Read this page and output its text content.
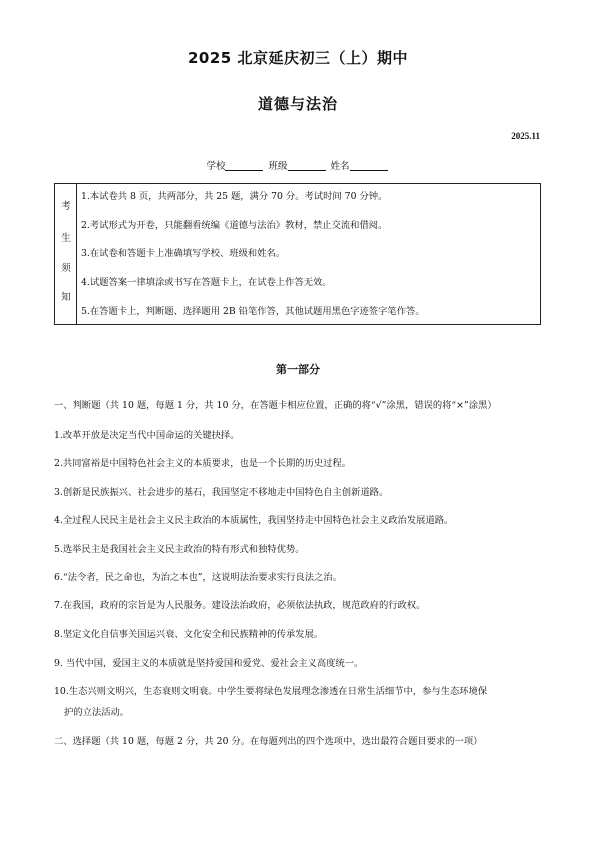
2025 北京延庆初三（上）期中
道德与法治
2025.11
学校	班级	姓名
考
生
须
知
1.本试卷共 8 页，共两部分，共 25 题，满分 70 分。考试时间 70 分钟。
2.考试形式为开卷，只能翻看统编《道德与法治》教材，禁止交流和借阅。
3.在试卷和答题卡上准确填写学校、班级和姓名。
4.试题答案一律填涂或书写在答题卡上，在试卷上作答无效。
5.在答题卡上，判断题、选择题用 2B 铅笔作答，其他试题用黑色字迹签字笔作答。
第一部分
一、判断题（共 10 题，每题 1 分，共 10 分，在答题卡相应位置，正确的将“√”涂黑，错误的将“×”涂黑）
1.改革开放是决定当代中国命运的关键抉择。
2.共同富裕是中国特色社会主义的本质要求，也是一个长期的历史过程。
3.创新是民族振兴、社会进步的基石，我国坚定不移地走中国特色自主创新道路。
4.全过程人民民主是社会主义民主政治的本质属性，我国坚持走中国特色社会主义政治发展道路。
5.选举民主是我国社会主义民主政治的特有形式和独特优势。
6.“法令者，民之命也，为治之本也”，这说明法治要求实行良法之治。
7.在我国，政府的宗旨是为人民服务。建设法治政府，必须依法执政，规范政府的行政权。
8.坚定文化自信事关国运兴衰、文化安全和民族精神的传承发展。
9. 当代中国，爱国主义的本质就是坚持爱国和爱党、爱社会主义高度统一。
10.生态兴则文明兴，生态衰则文明衰。中学生要将绿色发展理念渗透在日常生活细节中，参与生态环境保
护的立法活动。
二、选择题（共 10 题，每题 2 分，共 20 分。在每题列出的四个选项中，选出最符合题目要求的一项）
